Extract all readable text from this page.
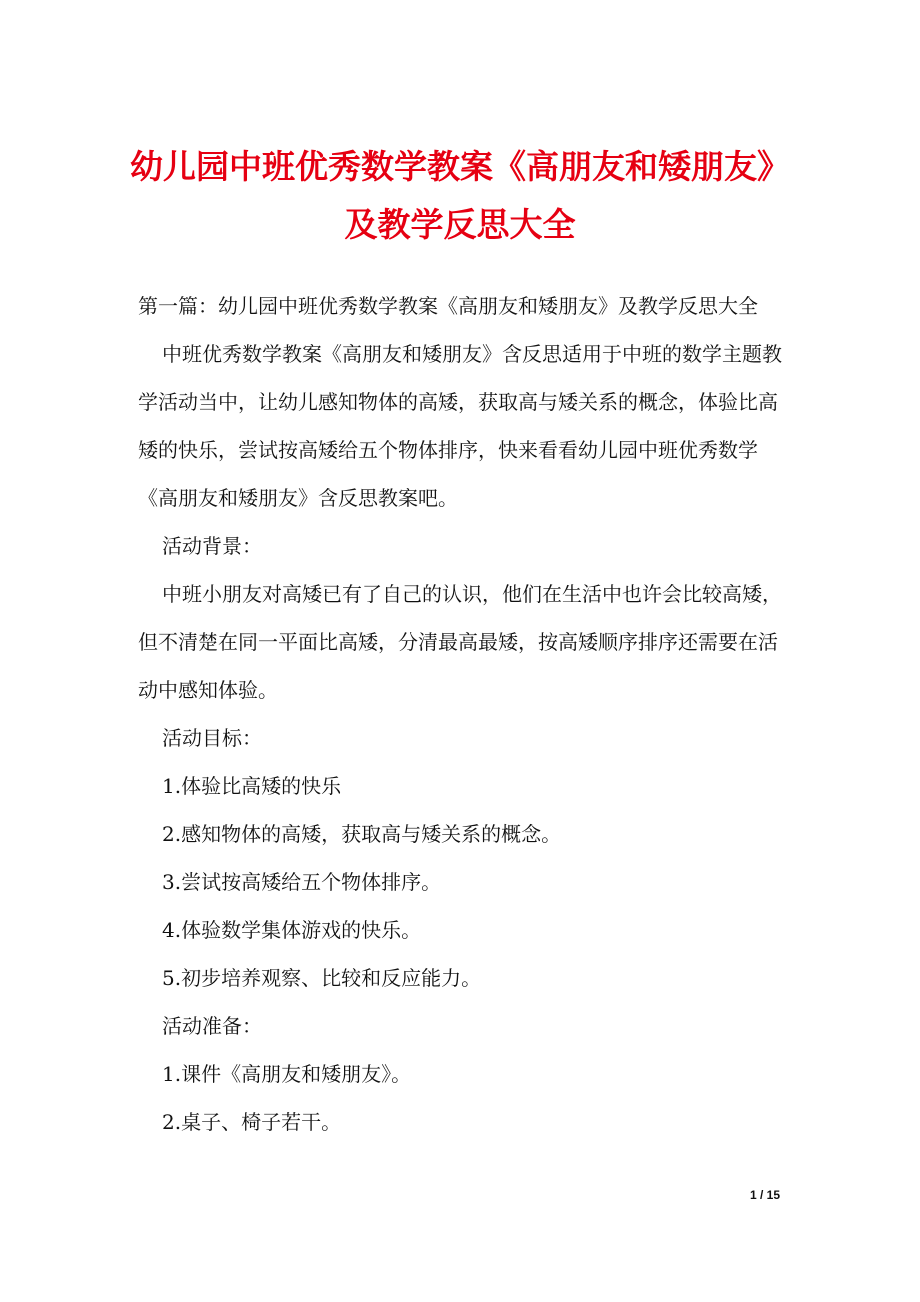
幼儿园中班优秀数学教案《高朋友和矮朋友》
及教学反思大全

第一篇：幼儿园中班优秀数学教案《高朋友和矮朋友》及教学反思大全

中班优秀数学教案《高朋友和矮朋友》含反思适用于中班的数学主题教学活动当中，让幼儿感知物体的高矮，获取高与矮关系的概念，体验比高矮的快乐，尝试按高矮给五个物体排序，快来看看幼儿园中班优秀数学《高朋友和矮朋友》含反思教案吧。

活动背景：

中班小朋友对高矮已有了自己的认识，他们在生活中也许会比较高矮，但不清楚在同一平面比高矮，分清最高最矮，按高矮顺序排序还需要在活动中感知体验。

活动目标：

1.体验比高矮的快乐

2.感知物体的高矮，获取高与矮关系的概念。

3.尝试按高矮给五个物体排序。

4.体验数学集体游戏的快乐。

5.初步培养观察、比较和反应能力。

活动准备：

1.课件《高朋友和矮朋友》。

2.桌子、椅子若干。

1 / 15
